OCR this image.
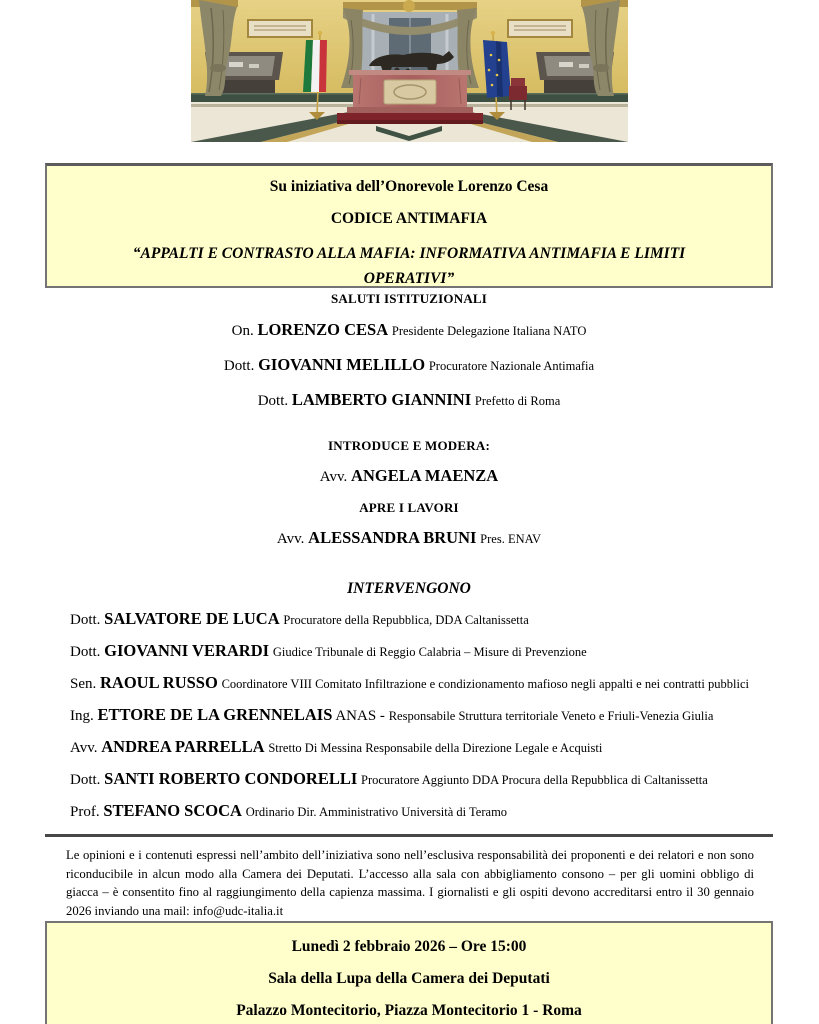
Su iniziativa dell’Onorevole Lorenzo Cesa
CODICE ANTIMAFIA
“APPALTI E CONTRASTO ALLA MAFIA: INFORMATIVA ANTIMAFIA E LIMITI OPERATIVI”
SALUTI ISTITUZIONALI
On. LORENZO CESA Presidente Delegazione Italiana NATO
Dott. GIOVANNI MELILLO Procuratore Nazionale Antimafia
Dott. LAMBERTO GIANNINI Prefetto di Roma
INTRODUCE E MODERA:
Avv. ANGELA MAENZA
APRE I LAVORI
Avv. ALESSANDRA BRUNI Pres. ENAV
INTERVENGONO
Dott. SALVATORE DE LUCA Procuratore della Repubblica, DDA Caltanissetta
Dott. GIOVANNI VERARDI Giudice Tribunale di Reggio Calabria – Misure di Prevenzione
Sen. RAOUL RUSSO Coordinatore VIII Comitato Infiltrazione e condizionamento mafioso negli appalti e nei contratti pubblici
Ing. ETTORE DE LA GRENNELAIS ANAS - Responsabile Struttura territoriale Veneto e Friuli-Venezia Giulia
Avv. ANDREA PARRELLA Stretto Di Messina Responsabile della Direzione Legale e Acquisti
Dott. SANTI ROBERTO CONDORELLI Procuratore Aggiunto DDA Procura della Repubblica di Caltanissetta
Prof. STEFANO SCOCA Ordinario Dir. Amministrativo Università di Teramo
Le opinioni e i contenuti espressi nell’ambito dell’iniziativa sono nell’esclusiva responsabilità dei proponenti e dei relatori e non sono riconducibile in alcun modo alla Camera dei Deputati. L’accesso alla sala con abbigliamento consono – per gli uomini obbligo di giacca – è consentito fino al raggiungimento della capienza massima. I giornalisti e gli ospiti devono accreditarsi entro il 30 gennaio 2026 inviando una mail: info@udc-italia.it
Lunedì 2 febbraio 2026 – Ore 15:00
Sala della Lupa della Camera dei Deputati
Palazzo Montecitorio, Piazza Montecitorio 1 - Roma
